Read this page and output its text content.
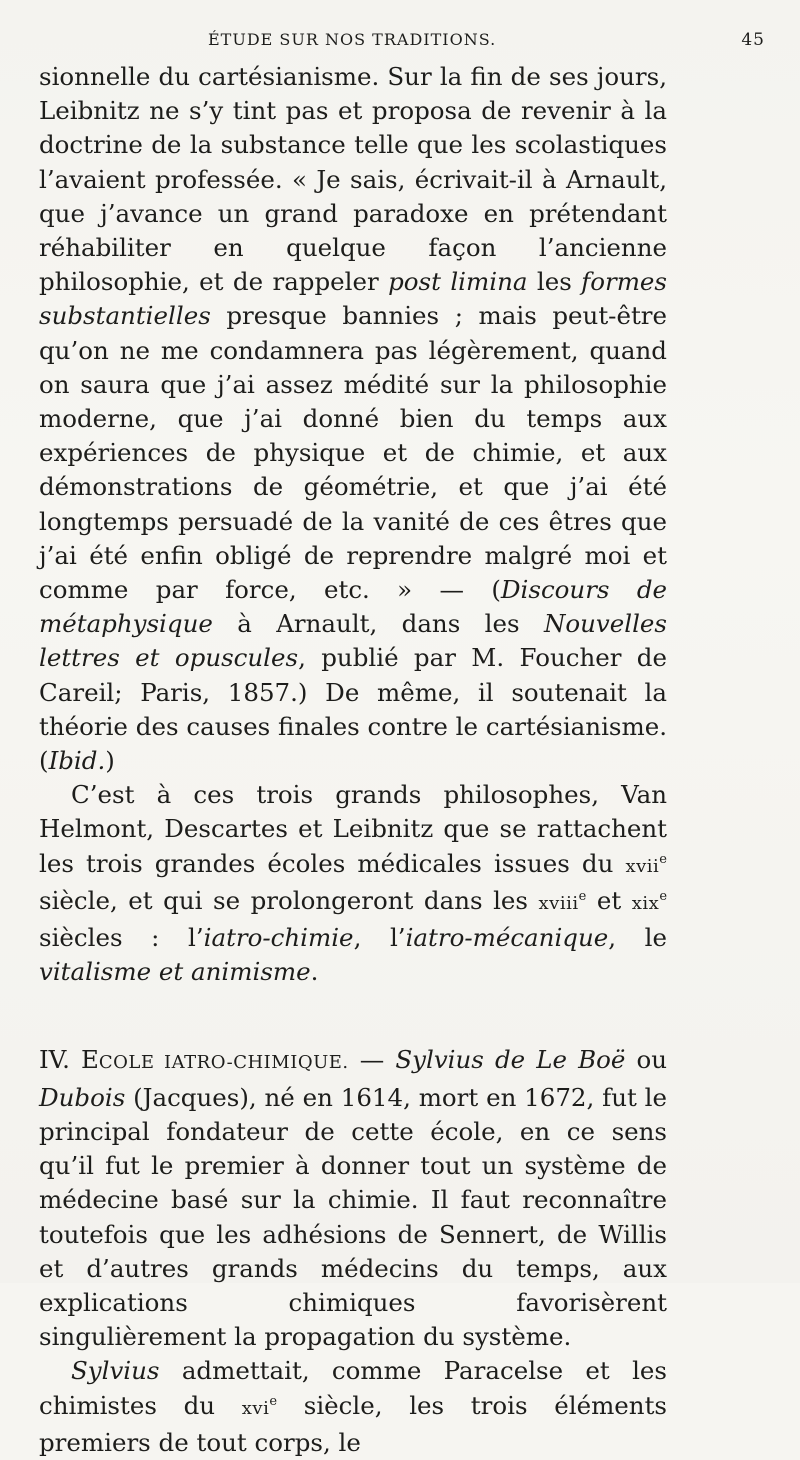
ÉTUDE SUR NOS TRADITIONS.	45

sionnelle du cartésianisme. Sur la fin de ses jours, Leibnitz ne s’y tint pas et proposa de revenir à la doctrine de la substance telle que les scolastiques l’avaient professée. « Je sais, écrivait-il à Arnault, que j’avance un grand paradoxe en prétendant réhabiliter en quelque façon l’ancienne philosophie, et de rappeler post limina les formes substantielles presque bannies ; mais peut-être qu’on ne me condamnera pas légèrement, quand on saura que j’ai assez médité sur la philosophie moderne, que j’ai donné bien du temps aux expériences de physique et de chimie, et aux démonstrations de géométrie, et que j’ai été longtemps persuadé de la vanité de ces êtres que j’ai été enfin obligé de reprendre malgré moi et comme par force, etc. » — (Discours de métaphysique à Arnault, dans les Nouvelles lettres et opuscules, publié par M. Foucher de Careil; Paris, 1857.) De même, il soutenait la théorie des causes finales contre le cartésianisme. (Ibid.)

C’est à ces trois grands philosophes, Van Helmont, Descartes et Leibnitz que se rattachent les trois grandes écoles médicales issues du xvii$^e$ siècle, et qui se prolongeront dans les xviii$^e$ et xix$^e$ siècles : l’iatro-chimie, l’iatro-mécanique, le vitalisme et animisme.

IV. ECOLE IATRO-CHIMIQUE. — Sylvius de Le Boë ou Dubois (Jacques), né en 1614, mort en 1672, fut le principal fondateur de cette école, en ce sens qu’il fut le premier à donner tout un système de médecine basé sur la chimie. Il faut reconnaître toutefois que les adhésions de Sennert, de Willis et d’autres grands médecins du temps, aux explications chimiques favorisèrent singulièrement la propagation du système.

Sylvius admettait, comme Paracelse et les chimistes du xvi$^e$ siècle, les trois éléments premiers de tout corps, le
